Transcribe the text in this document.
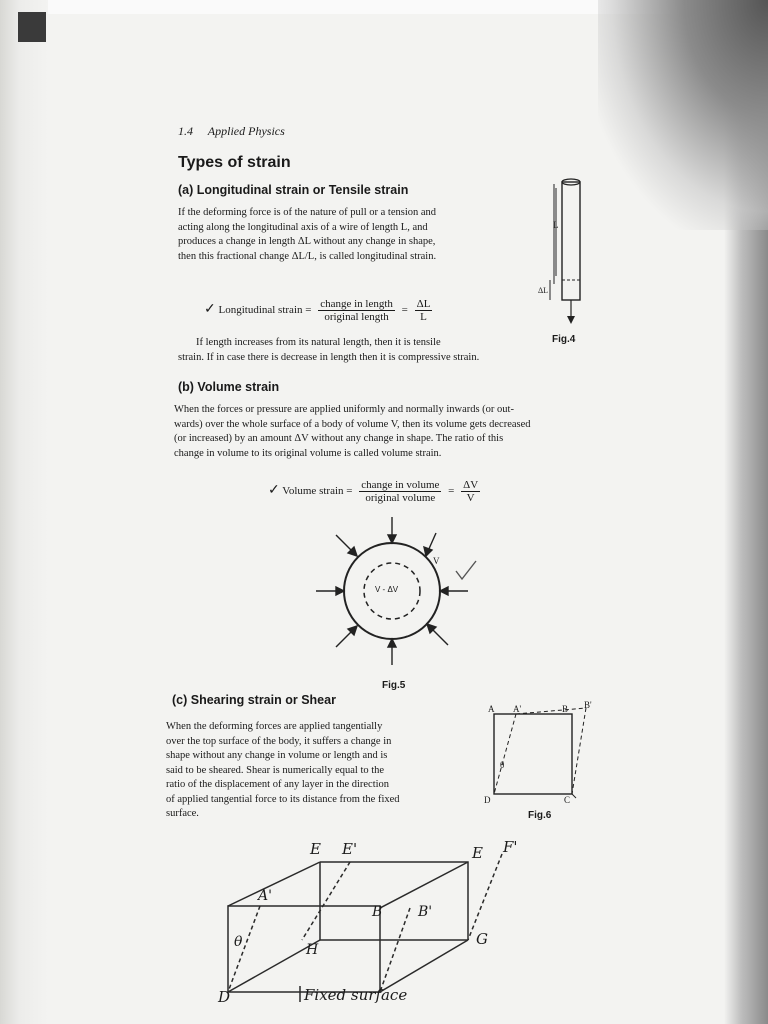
1.4 Applied Physics
Types of strain
(a) Longitudinal strain or Tensile strain
If the deforming force is of the nature of pull or a tension and
acting along the longitudinal axis of a wire of length L, and
produces a change in length ΔL without any change in shape,
then this fractional change ΔL/L, is called longitudinal strain.
✓ Longitudinal strain = $\frac{\text{change in length}}{\text{original length}} = \frac{\Delta L}{L}$
If length increases from its natural length, then it is tensile
strain. If in case there is decrease in length then it is compressive strain.
L
ΔL
Fig.4
(b) Volume strain
When the forces or pressure are applied uniformly and normally inwards (or out-
wards) over the whole surface of a body of volume V, then its volume gets decreased
(or increased) by an amount ΔV without any change in shape. The ratio of this
change in volume to its original volume is called volume strain.
✓ Volume strain = $\frac{\text{change in volume}}{\text{original volume}} = \frac{\Delta V}{V}$
V
V - ΔV
Fig.5
(c) Shearing strain or Shear
When the deforming forces are applied tangentially
over the top surface of the body, it suffers a change in
shape without any change in volume or length and is
said to be sheared. Shear is numerically equal to the
ratio of the displacement of any layer in the direction
of applied tangential force to its distance from the fixed
surface.
A A'	B B'
D	C
θ
Fig.6
E E'	E F'
A'
B	B'
H
θ	G
D	Fixed surface
